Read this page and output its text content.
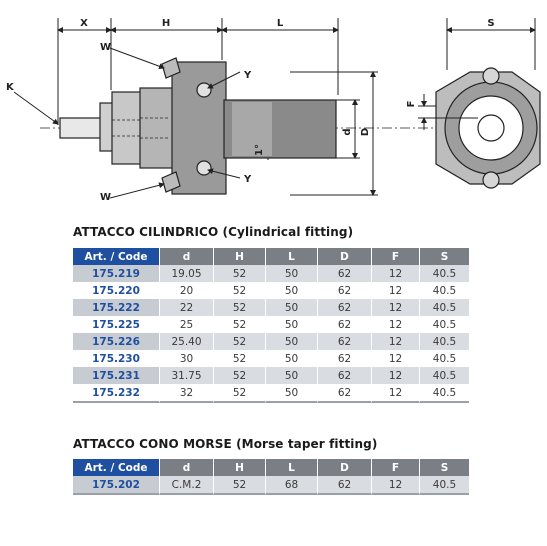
X	H	L	S
W
W
Y
Y
K
d D
F
1°
ATTACCO CILINDRICO (Cylindrical fitting)
Art. / Code	d	H	L	D	F	S
175.219	19.05	52	50	62	12	40.5
175.220	20	52	50	62	12	40.5
175.222	22	52	50	62	12	40.5
175.225	25	52	50	62	12	40.5
175.226	25.40	52	50	62	12	40.5
175.230	30	52	50	62	12	40.5
175.231	31.75	52	50	62	12	40.5
175.232	32	52	50	62	12	40.5
ATTACCO CONO MORSE (Morse taper fitting)
Art. / Code	d	H	L	D	F	S
175.202	C.M.2	52	68	62	12	40.5
